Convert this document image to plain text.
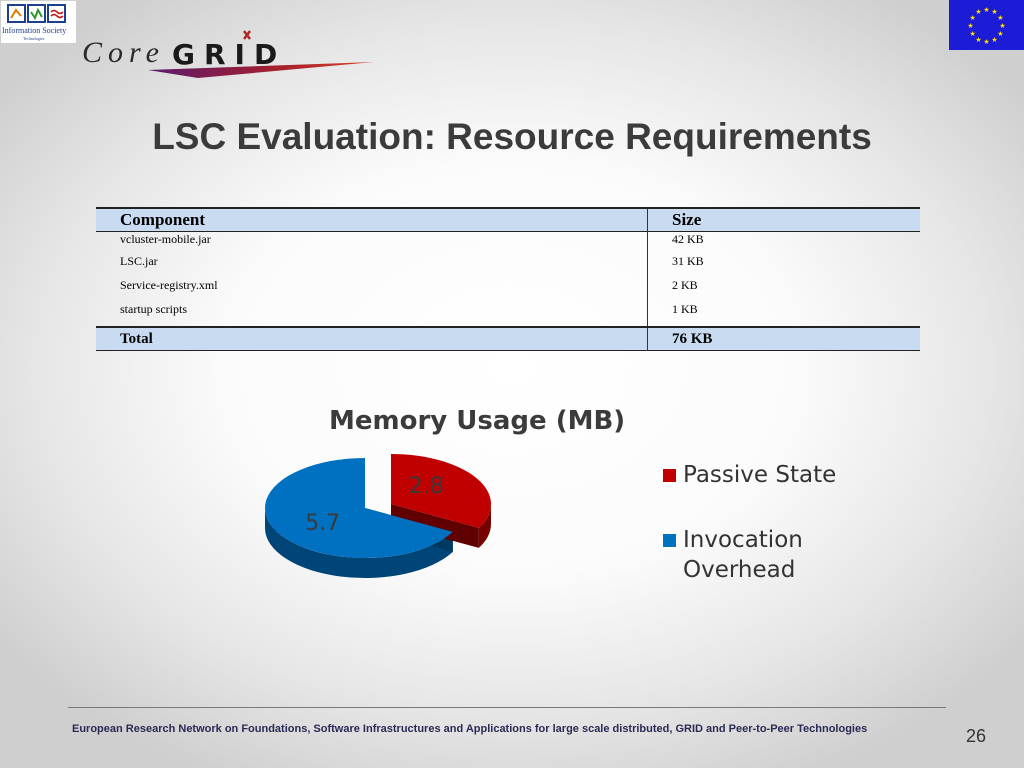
Information Society
Technologies Core GRID
★ ★
★
★
★
★
★
★
★
★
★
★
LSC Evaluation: Resource Requirements
Component	Size
vcluster-mobile.jar	42 KB
LSC.jar	31 KB
Service-registry.xml	2 KB
startup scripts	1 KB
Total	76 KB
Memory Usage (MB)
2.8
5.7
Passive State
Invocation Overhead
European Research Network on Foundations, Software Infrastructures and Applications for large scale distributed, GRID and Peer-to-Peer Technologies	26
